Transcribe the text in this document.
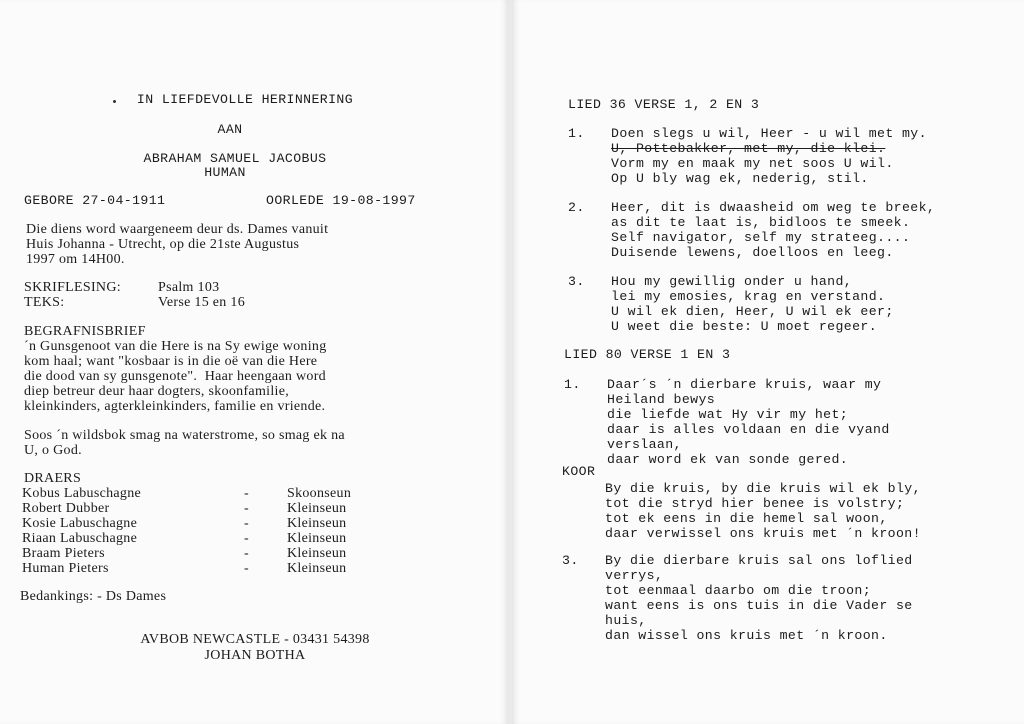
IN LIEFDEVOLLE HERINNERING
AAN
ABRAHAM SAMUEL JACOBUS
HUMAN
GEBORE 27-04-1911	OORLEDE 19-08-1997
Die diens word waargeneem deur ds. Dames vanuit
Huis Johanna - Utrecht, op die 21ste Augustus
1997 om 14H00.
SKRIFLESING:	Psalm 103
TEKS:	Verse 15 en 16
BEGRAFNISBRIEF
´n Gunsgenoot van die Here is na Sy ewige woning
kom haal; want "kosbaar is in die oë van die Here
die dood van sy gunsgenote".  Haar heengaan word
diep betreur deur haar dogters, skoonfamilie,
kleinkinders, agterkleinkinders, familie en vriende.
Soos ´n wildsbok smag na waterstrome, so smag ek na
U, o God.
DRAERS
Kobus Labuschagne	-	Skoonseun
Robert Dubber	-	Kleinseun
Kosie Labuschagne	-	Kleinseun
Riaan Labuschagne	-	Kleinseun
Braam Pieters	-	Kleinseun
Human Pieters	-	Kleinseun
Bedankings: - Ds Dames
AVBOB NEWCASTLE - 03431 54398
JOHAN BOTHA
LIED 36 VERSE 1, 2 EN 3
1. Doen slegs u wil, Heer - u wil met my.
U, Pottebakker, met my, die klei.
Vorm my en maak my net soos U wil.
Op U bly wag ek, nederig, stil.
2. Heer, dit is dwaasheid om weg te breek,
as dit te laat is, bidloos te smeek.
Self navigator, self my strateeg....
Duisende lewens, doelloos en leeg.
3. Hou my gewillig onder u hand,
lei my emosies, krag en verstand.
U wil ek dien, Heer, U wil ek eer;
U weet die beste: U moet regeer.
LIED 80 VERSE 1 EN 3
1. Daar´s ´n dierbare kruis, waar my
Heiland bewys
die liefde wat Hy vir my het;
daar is alles voldaan en die vyand
verslaan,
daar word ek van sonde gered.
KOOR
By die kruis, by die kruis wil ek bly,
tot die stryd hier benee is volstry;
tot ek eens in die hemel sal woon,
daar verwissel ons kruis met ´n kroon!
3. By die dierbare kruis sal ons loflied
verrys,
tot eenmaal daarbo om die troon;
want eens is ons tuis in die Vader se
huis,
dan wissel ons kruis met ´n kroon.
